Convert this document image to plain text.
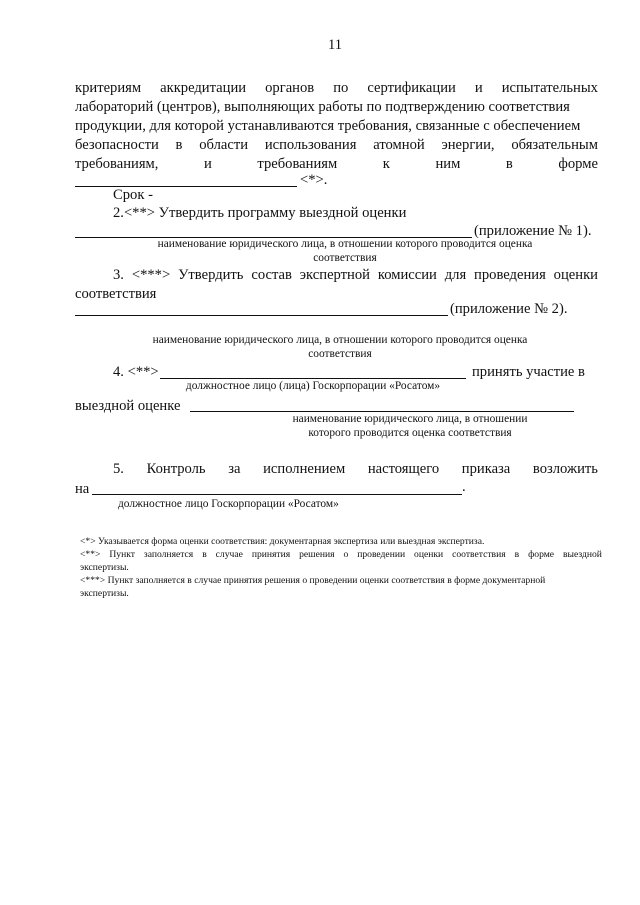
11
критериям аккредитации органов по сертификации и испытательных
лабораторий (центров), выполняющих работы по подтверждению соответствия
продукции, для которой устанавливаются требования, связанные с обеспечением
безопасности в области использования атомной энергии, обязательным
требованиям,	и	требованиям	к	ним	в	форме
<*>.
Срок -
2.<**> Утвердить программу выездной оценки
(приложение № 1).
наименование юридического лица, в отношении которого проводится оценка
соответствия
3. <***> Утвердить состав экспертной комиссии для проведения оценки
соответствия
(приложение № 2).
наименование юридического лица, в отношении которого проводится оценка
соответствия
4. <**>	принять участие в
должностное лицо (лица) Госкорпорации «Росатом»
выездной оценке
наименование юридического лица, в отношении
которого проводится оценка соответствия
5. Контроль за исполнением настоящего приказа возложить
на	.
должностное лицо Госкорпорации «Росатом»
<*> Указывается форма оценки соответствия: документарная экспертиза или выездная экспертиза.
<**> Пункт заполняется в случае принятия решения о проведении оценки соответствия в форме выездной
экспертизы.
<***> Пункт заполняется в случае принятия решения о проведении оценки соответствия в форме документарной
экспертизы.
